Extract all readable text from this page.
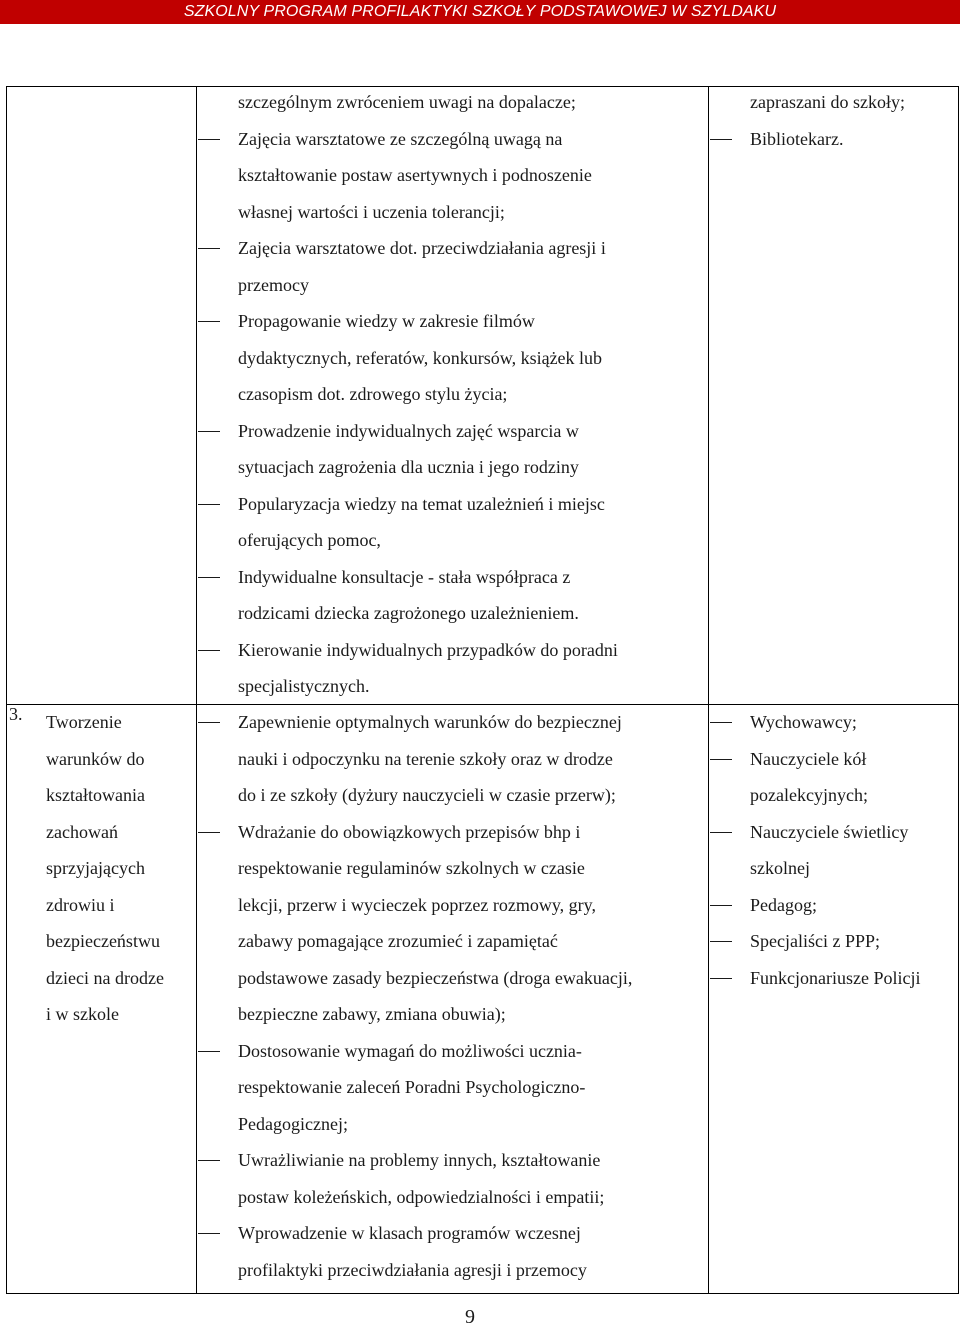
SZKOLNY PROGRAM PROFILAKTYKI SZKOŁY PODSTAWOWEJ W SZYLDAKU
szczególnym zwróceniem uwagi na dopalacze;
Zajęcia warsztatowe ze szczególną uwagą na
kształtowanie postaw asertywnych i podnoszenie
własnej wartości i uczenia tolerancji;
Zajęcia warsztatowe dot. przeciwdziałania agresji i
przemocy
Propagowanie wiedzy w zakresie filmów
dydaktycznych, referatów, konkursów, książek lub
czasopism dot. zdrowego stylu życia;
Prowadzenie indywidualnych zajęć wsparcia w
sytuacjach zagrożenia dla ucznia i jego rodziny
Popularyzacja wiedzy na temat uzależnień i miejsc
oferujących pomoc,
Indywidualne konsultacje - stała współpraca z
rodzicami dziecka zagrożonego uzależnieniem.
Kierowanie indywidualnych przypadków do poradni
specjalistycznych.
zapraszani do szkoły;
Bibliotekarz.
3. Tworzenie
warunków do
kształtowania
zachowań
sprzyjających
zdrowiu i
bezpieczeństwu
dzieci na drodze
i w szkole
Zapewnienie optymalnych warunków do bezpiecznej
nauki i odpoczynku na terenie szkoły oraz w drodze
do i ze szkoły (dyżury nauczycieli w czasie przerw);
Wdrażanie do obowiązkowych przepisów bhp i
respektowanie regulaminów szkolnych w czasie
lekcji, przerw i wycieczek poprzez rozmowy, gry,
zabawy pomagające zrozumieć i zapamiętać
podstawowe zasady bezpieczeństwa (droga ewakuacji,
bezpieczne zabawy, zmiana obuwia);
Dostosowanie wymagań do możliwości ucznia-
respektowanie zaleceń Poradni Psychologiczno-
Pedagogicznej;
Uwrażliwianie na problemy innych, kształtowanie
postaw koleżeńskich, odpowiedzialności i empatii;
Wprowadzenie w klasach programów wczesnej
profilaktyki przeciwdziałania agresji i przemocy
Wychowawcy;
Nauczyciele kół
pozalekcyjnych;
Nauczyciele świetlicy
szkolnej
Pedagog;
Specjaliści z PPP;
Funkcjonariusze Policji
9
